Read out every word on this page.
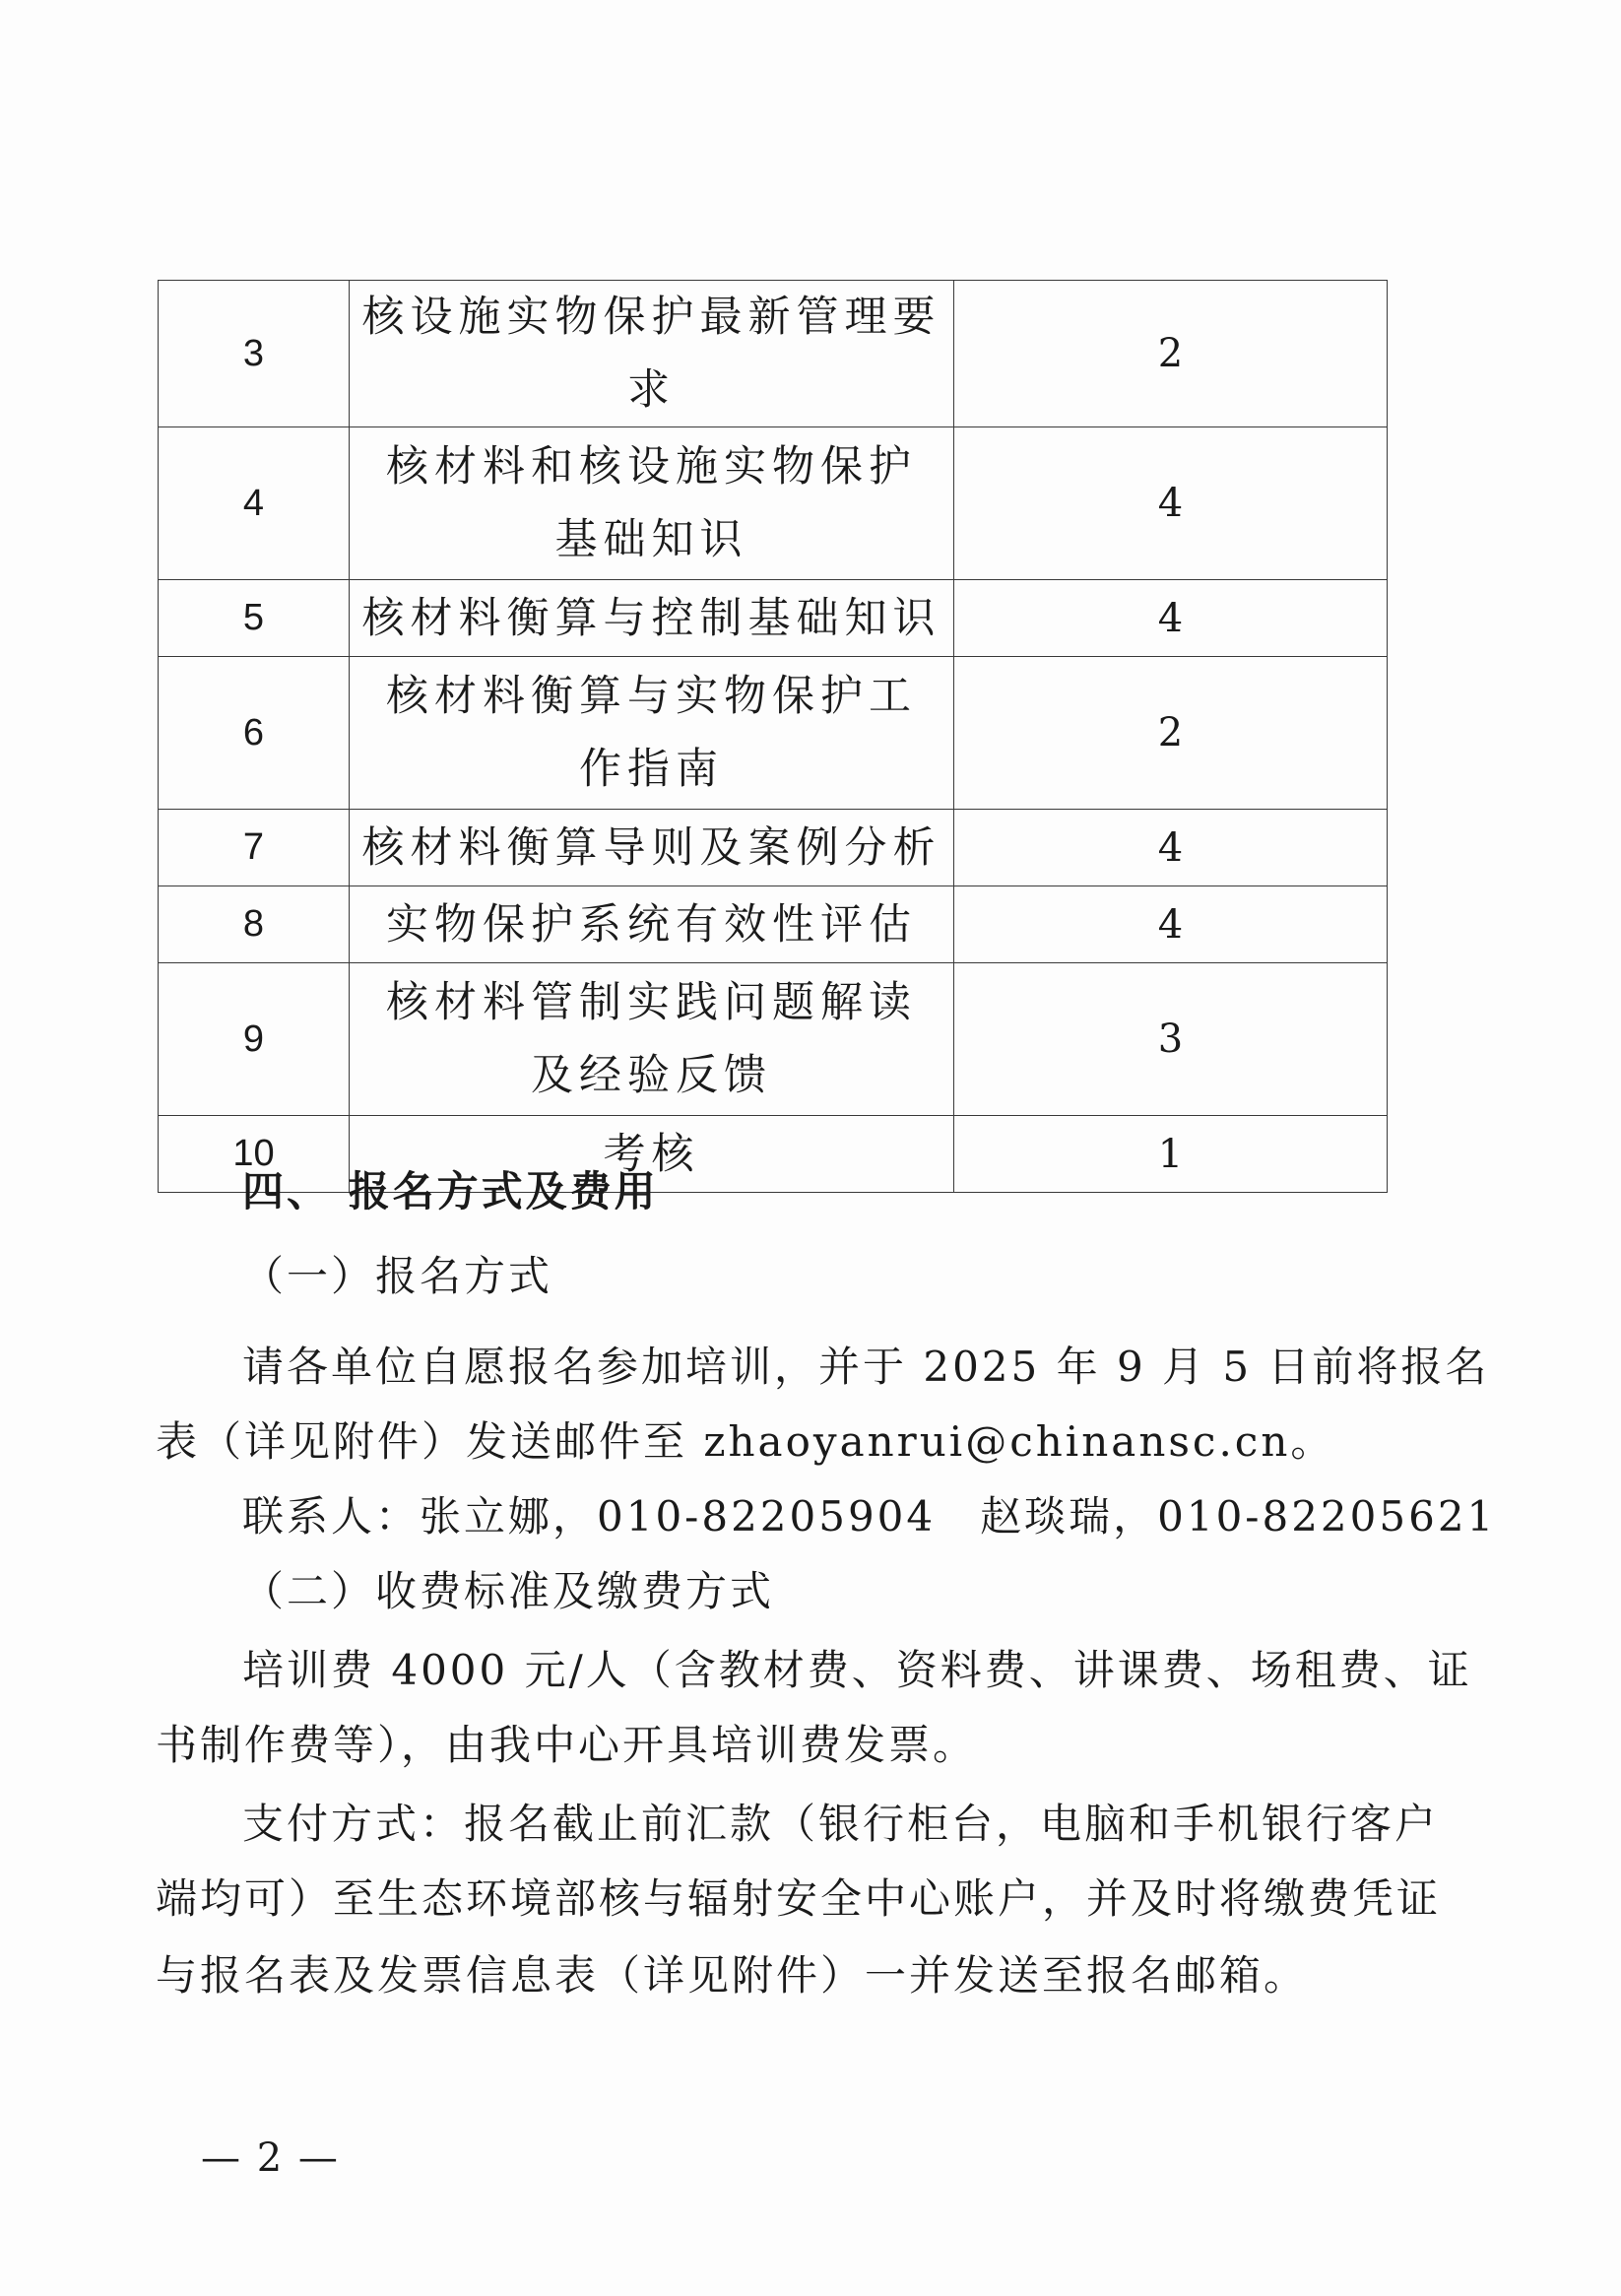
3	核设施实物保护最新管理要求	2
4	核材料和核设施实物保护基础知识	4
5	核材料衡算与控制基础知识	4
6	核材料衡算与实物保护工作指南	2
7	核材料衡算导则及案例分析	4
8	实物保护系统有效性评估	4
9	核材料管制实践问题解读及经验反馈	3
10	考核	1
四、 报名方式及费用
（一）报名方式
请各单位自愿报名参加培训，并于 2025 年 9 月 5 日前将报名
表（详见附件）发送邮件至 zhaoyanrui@chinansc.cn。
联系人：张立娜，010-82205904　赵琰瑞，010-82205621
（二）收费标准及缴费方式
培训费 4000 元/人（含教材费、资料费、讲课费、场租费、证
书制作费等），由我中心开具培训费发票。
支付方式：报名截止前汇款（银行柜台，电脑和手机银行客户
端均可）至生态环境部核与辐射安全中心账户，并及时将缴费凭证
与报名表及发票信息表（详见附件）一并发送至报名邮箱。
— 2 —
